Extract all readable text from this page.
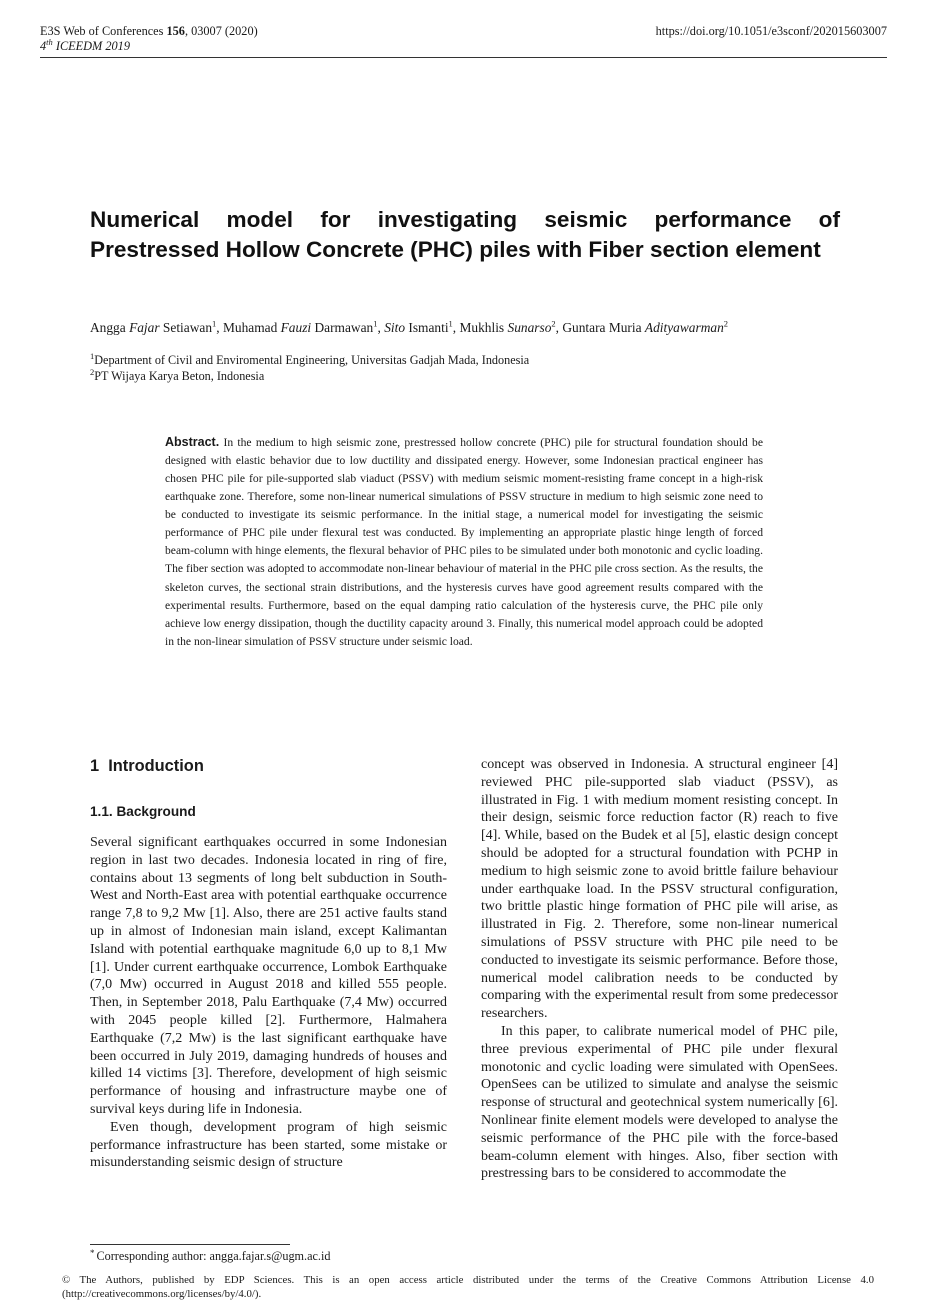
E3S Web of Conferences 156, 03007 (2020)
4th ICEEDM 2019
https://doi.org/10.1051/e3sconf/202015603007
Numerical model for investigating seismic performance of Prestressed Hollow Concrete (PHC) piles with Fiber section element
Angga Fajar Setiawan$^1$, Muhamad Fauzi Darmawan$^1$, Sito Ismanti$^1$, Mukhlis Sunarso$^2$, Guntara Muria Adityawarman$^2$
$^1$Department of Civil and Enviromental Engineering, Universitas Gadjah Mada, Indonesia
$^2$PT Wijaya Karya Beton, Indonesia
Abstract. In the medium to high seismic zone, prestressed hollow concrete (PHC) pile for structural foundation should be designed with elastic behavior due to low ductility and dissipated energy. However, some Indonesian practical engineer has chosen PHC pile for pile-supported slab viaduct (PSSV) with medium seismic moment-resisting frame concept in a high-risk earthquake zone. Therefore, some non-linear numerical simulations of PSSV structure in medium to high seismic zone need to be conducted to investigate its seismic performance. In the initial stage, a numerical model for investigating the seismic performance of PHC pile under flexural test was conducted. By implementing an appropriate plastic hinge length of forced beam-column with hinge elements, the flexural behavior of PHC piles to be simulated under both monotonic and cyclic loading. The fiber section was adopted to accommodate non-linear behaviour of material in the PHC pile cross section. As the results, the skeleton curves, the sectional strain distributions, and the hysteresis curves have good agreement results compared with the experimental results. Furthermore, based on the equal damping ratio calculation of the hysteresis curve, the PHC pile only achieve low energy dissipation, though the ductility capacity around 3. Finally, this numerical model approach could be adopted in the non-linear simulation of PSSV structure under seismic load.
1 Introduction
1.1. Background

Several significant earthquakes occurred in some Indonesian region in last two decades. Indonesia located in ring of fire, contains about 13 segments of long belt subduction in South-West and North-East area with potential earthquake occurrence range 7,8 to 9,2 Mw [1]. Also, there are 251 active faults stand up in almost of Indonesian main island, except Kalimantan Island with potential earthquake magnitude 6,0 up to 8,1 Mw [1]. Under current earthquake occurrence, Lombok Earthquake (7,0 Mw) occurred in August 2018 and killed 555 people. Then, in September 2018, Palu Earthquake (7,4 Mw) occurred with 2045 people killed [2]. Furthermore, Halmahera Earthquake (7,2 Mw) is the last significant earthquake have been occurred in July 2019, damaging hundreds of houses and killed 14 victims [3]. Therefore, development of high seismic performance of housing and infrastructure maybe one of survival keys during life in Indonesia.

Even though, development program of high seismic performance infrastructure has been started, some mistake or misunderstanding seismic design of structure

concept was observed in Indonesia. A structural engineer [4] reviewed PHC pile-supported slab viaduct (PSSV), as illustrated in Fig. 1 with medium moment resisting concept. In their design, seismic force reduction factor (R) reach to five [4]. While, based on the Budek et al [5], elastic design concept should be adopted for a structural foundation with PCHP in medium to high seismic zone to avoid brittle failure behaviour under earthquake load. In the PSSV structural configuration, two brittle plastic hinge formation of PHC pile will arise, as illustrated in Fig. 2. Therefore, some non-linear numerical simulations of PSSV structure with PHC pile need to be conducted to investigate its seismic performance. Before those, numerical model calibration needs to be conducted by comparing with the experimental result from some predecessor researchers.

In this paper, to calibrate numerical model of PHC pile, three previous experimental of PHC pile under flexural monotonic and cyclic loading were simulated with OpenSees. OpenSees can be utilized to simulate and analyse the seismic response of structural and geotechnical system numerically [6]. Nonlinear finite element models were developed to analyse the seismic performance of the PHC pile with the force-based beam-column element with hinges. Also, fiber section with prestressing bars to be considered to accommodate the

* Corresponding author: angga.fajar.s@ugm.ac.id
© The Authors, published by EDP Sciences. This is an open access article distributed under the terms of the Creative Commons Attribution License 4.0 (http://creativecommons.org/licenses/by/4.0/).
